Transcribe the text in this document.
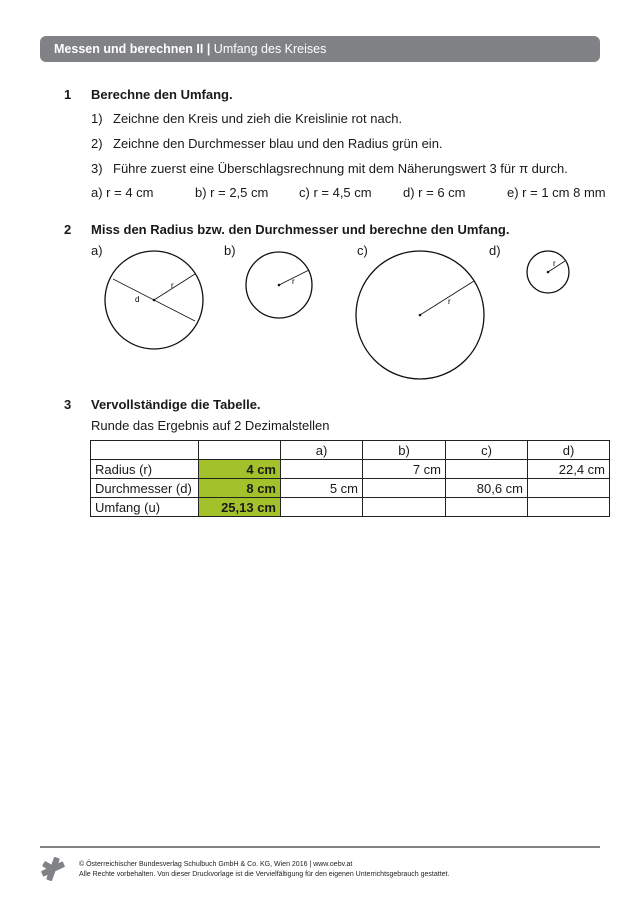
Messen und berechnen II | Umfang des Kreises
1 Berechne den Umfang.
1) Zeichne den Kreis und zieh die Kreislinie rot nach.
2) Zeichne den Durchmesser blau und den Radius grün ein.
3) Führe zuerst eine Überschlagsrechnung mit dem Näherungswert 3 für π durch.
a) r = 4 cm	b) r = 2,5 cm c) r = 4,5 cm d) r = 6 cm	e) r = 1 cm 8 mm
2 Miss den Radius bzw. den Durchmesser und berechne den Umfang.
a)	b)	c)	d)
r
d
r
r
r
3 Vervollständige die Tabelle.
Runde das Ergebnis auf 2 Dezimalstellen
		a)	b)	c)	d)
Radius (r)	4 cm		7 cm		22,4 cm
Durchmesser (d)	8 cm	5 cm		80,6 cm	
Umfang (u)	25,13 cm				
© Österreichischer Bundesverlag Schulbuch GmbH & Co. KG, Wien 2016 | www.oebv.at
Alle Rechte vorbehalten. Von dieser Druckvorlage ist die Vervielfältigung für den eigenen Unterrichtsgebrauch gestattet.
